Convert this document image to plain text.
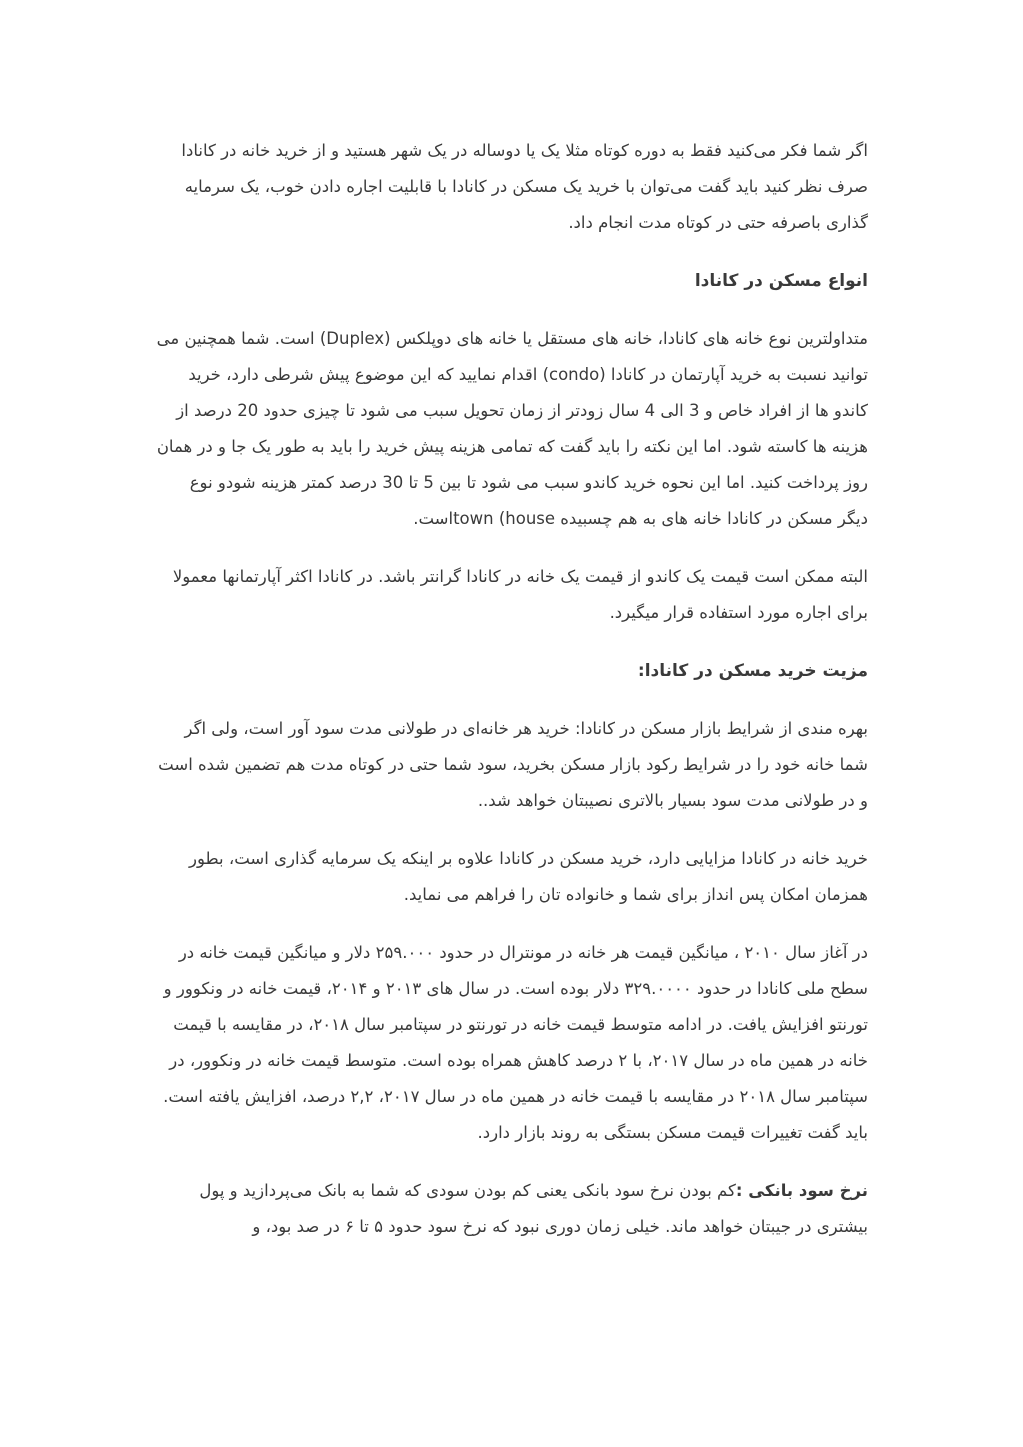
اگر شما فکر می‌کنید فقط به دوره کوتاه مثلا یک یا دوساله در یک شهر هستید و از خرید خانه در کانادا صرف نظر کنید باید گفت می‌توان با خرید یک مسکن در کانادا با قابلیت اجاره دادن خوب، یک سرمایه گذاری باصرفه حتی در کوتاه مدت انجام داد.

انواع مسکن در کانادا

متداولترین نوع خانه های کانادا، خانه های مستقل یا خانه های دوپلکس (Duplex) است. شما همچنین می توانید نسبت به خرید آپارتمان در کانادا (condo) اقدام نمایید که این موضوع پیش شرطی دارد، خرید کاندو ها از افراد خاص و 3 الی 4 سال زودتر از زمان تحویل سبب می شود تا چیزی حدود 20 درصد از هزینه ها کاسته شود. اما این نکته را باید گفت که تمامی هزینه پیش خرید را باید به طور یک جا و در همان روز پرداخت کنید. اما این نحوه خرید کاندو سبب می شود تا بین 5 تا 30 درصد کمتر هزینه شودو نوع دیگر مسکن در کانادا خانه های به هم چسبیده town (houseاست.

البته ممکن است قیمت یک کاندو از قیمت یک خانه در کانادا گرانتر باشد. در کانادا اکثر آپارتمانها معمولا برای اجاره مورد استفاده قرار میگیرد.

مزیت خرید مسکن در کانادا:

بهره مندی از شرایط بازار مسکن در کانادا: خرید هر خانه‌ای در طولانی مدت سود آور است، ولی اگر شما خانه خود را در شرایط رکود بازار مسکن بخرید، سود شما حتی در کوتاه مدت هم تضمین شده است و در طولانی مدت سود بسیار بالاتری نصیبتان خواهد شد..

خرید خانه در کانادا مزایایی دارد، خرید مسکن در کانادا علاوه بر اینکه یک سرمایه گذاری است، بطور همزمان امکان پس انداز برای شما و خانواده تان را فراهم می نماید.

در آغاز سال ۲۰۱۰ ، میانگین قیمت هر خانه در مونترال در حدود ۲۵۹.۰۰۰ دلار و میانگین قیمت خانه در سطح ملی کانادا در حدود ۳۲۹.۰۰۰۰ دلار بوده است. در سال های ۲۰۱۳ و ۲۰۱۴، قیمت خانه در ونکوور و تورنتو افزایش یافت. در ادامه متوسط قیمت خانه در تورنتو در سپتامبر سال ۲۰۱۸، در مقایسه با قیمت خانه در همین ماه در سال ۲۰۱۷، با ۲ درصد کاهش همراه بوده است. متوسط قیمت خانه در ونکوور، در سپتامبر سال ۲۰۱۸ در مقایسه با قیمت خانه در همین ماه در سال ۲۰۱۷، ۲,۲ درصد، افزایش یافته است. باید گفت تغییرات قیمت مسکن بستگی به روند بازار دارد.

نرخ سود بانکی :کم بودن نرخ سود بانکی یعنی کم بودن سودی که شما به بانک می‌پردازید و پول بیشتری در جیبتان خواهد ماند. خیلی زمان دوری نبود که نرخ سود حدود ۵ تا ۶ در صد بود، و
